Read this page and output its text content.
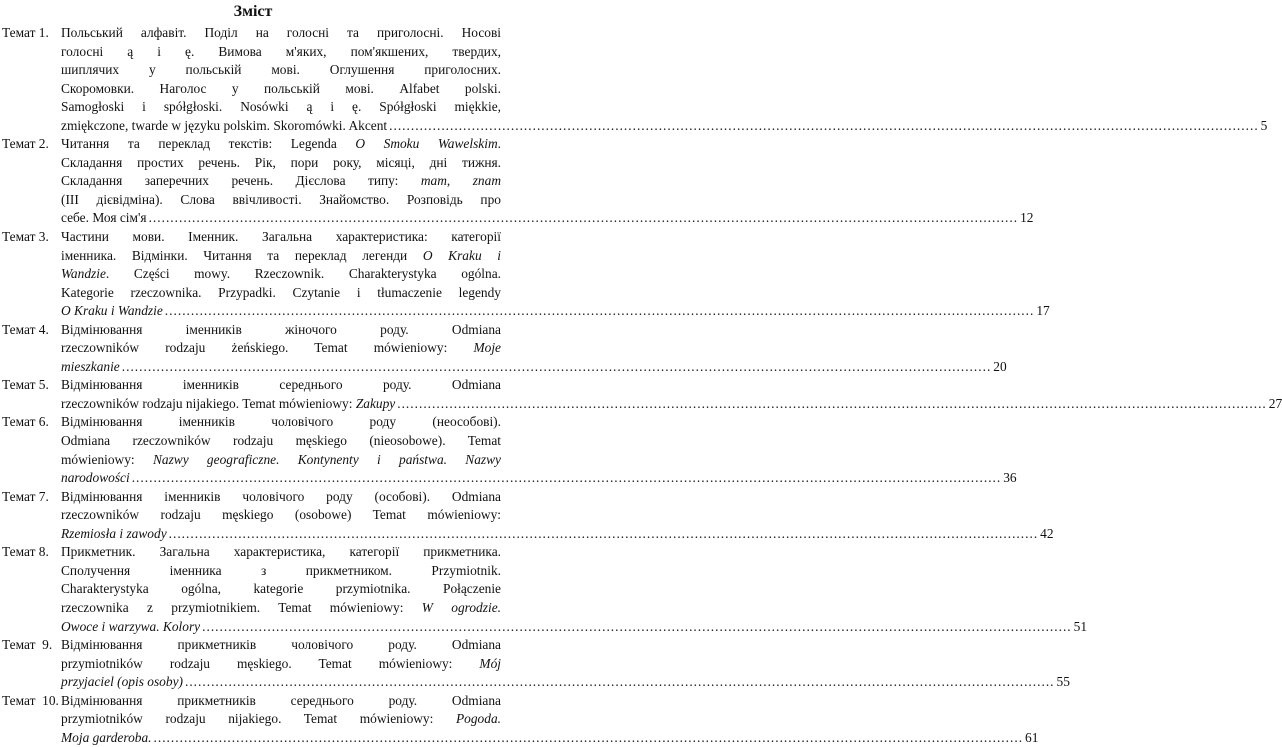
Зміст
Темат 1. Польський алфавіт. Поділ на голосні та приголосні. Носові
голосні ą і ę. Вимова м'яких, пом'якшених, твердих,
шиплячих у польській мові. Оглушення приголосних.
Скоромовки. Наголос у польській мові. Alfabet polski.
Samogłoski i spółgłoski. Nosówki ą i ę. Spółgłoski miękkie,
zmiękczone, twarde w języku polskim. Skoromówki. Akcent ........................................................................................................................................................................................................ 5
Темат 2. Читання та переклад текстів: Legenda O Smoku Wawelskim.
Складання простих речень. Рік, пори року, місяці, дні тижня.
Складання заперечних речень. Дієслова типу: mam, znam
(III дієвідміна). Слова ввічливості. Знайомство. Розповідь про
себе. Моя сім'я ........................................................................................................................................................................................................ 12
Темат 3. Частини мови. Іменник. Загальна характеристика: категорії
іменника. Відмінки. Читання та переклад легенди O Kraku i
Wandzie. Części mowy. Rzeczownik. Charakterystyka ogólna.
Kategorie rzeczownika. Przypadki. Czytanie i tłumaczenie legendy
O Kraku i Wandzie ........................................................................................................................................................................................................ 17
Темат 4. Відмінювання іменників жіночого роду. Odmiana
rzeczowników rodzaju żeńskiego. Temat mówieniowy: Moje
mieszkanie ........................................................................................................................................................................................................ 20
Темат 5. Відмінювання іменників середнього роду. Odmiana
rzeczowników rodzaju nijakiego. Temat mówieniowy: Zakupy ........................................................................................................................................................................................................ 27
Темат 6. Відмінювання іменників чоловічого роду (неособові).
Odmiana rzeczowników rodzaju męskiego (nieosobowe). Temat
mówieniowy: Nazwy geograficzne. Kontynenty i państwa. Nazwy
narodowości ........................................................................................................................................................................................................ 36
Темат 7. Відмінювання іменників чоловічого роду (особові). Odmiana
rzeczowników rodzaju męskiego (osobowe) Temat mówieniowy:
Rzemiosła i zawody ........................................................................................................................................................................................................ 42
Темат 8. Прикметник. Загальна характеристика, категорії прикметника.
Сполучення іменника з прикметником. Przymiotnik.
Charakterystyka ogólna, kategorie przymiotnika. Połączenie
rzeczownika z przymiotnikiem. Temat mówieniowy: W ogrodzie.
Owoce i warzywa. Kolory ........................................................................................................................................................................................................ 51
Темат  9. Відмінювання прикметників чоловічого роду. Odmiana
przymiotników rodzaju męskiego. Temat mówieniowy: Mój
przyjaciel (opis osoby) ........................................................................................................................................................................................................ 55
Темат  10. Відмінювання прикметників середнього роду. Odmiana
przymiotników rodzaju nijakiego. Temat mówieniowy: Pogoda.
Moja garderoba. ........................................................................................................................................................................................................ 61
